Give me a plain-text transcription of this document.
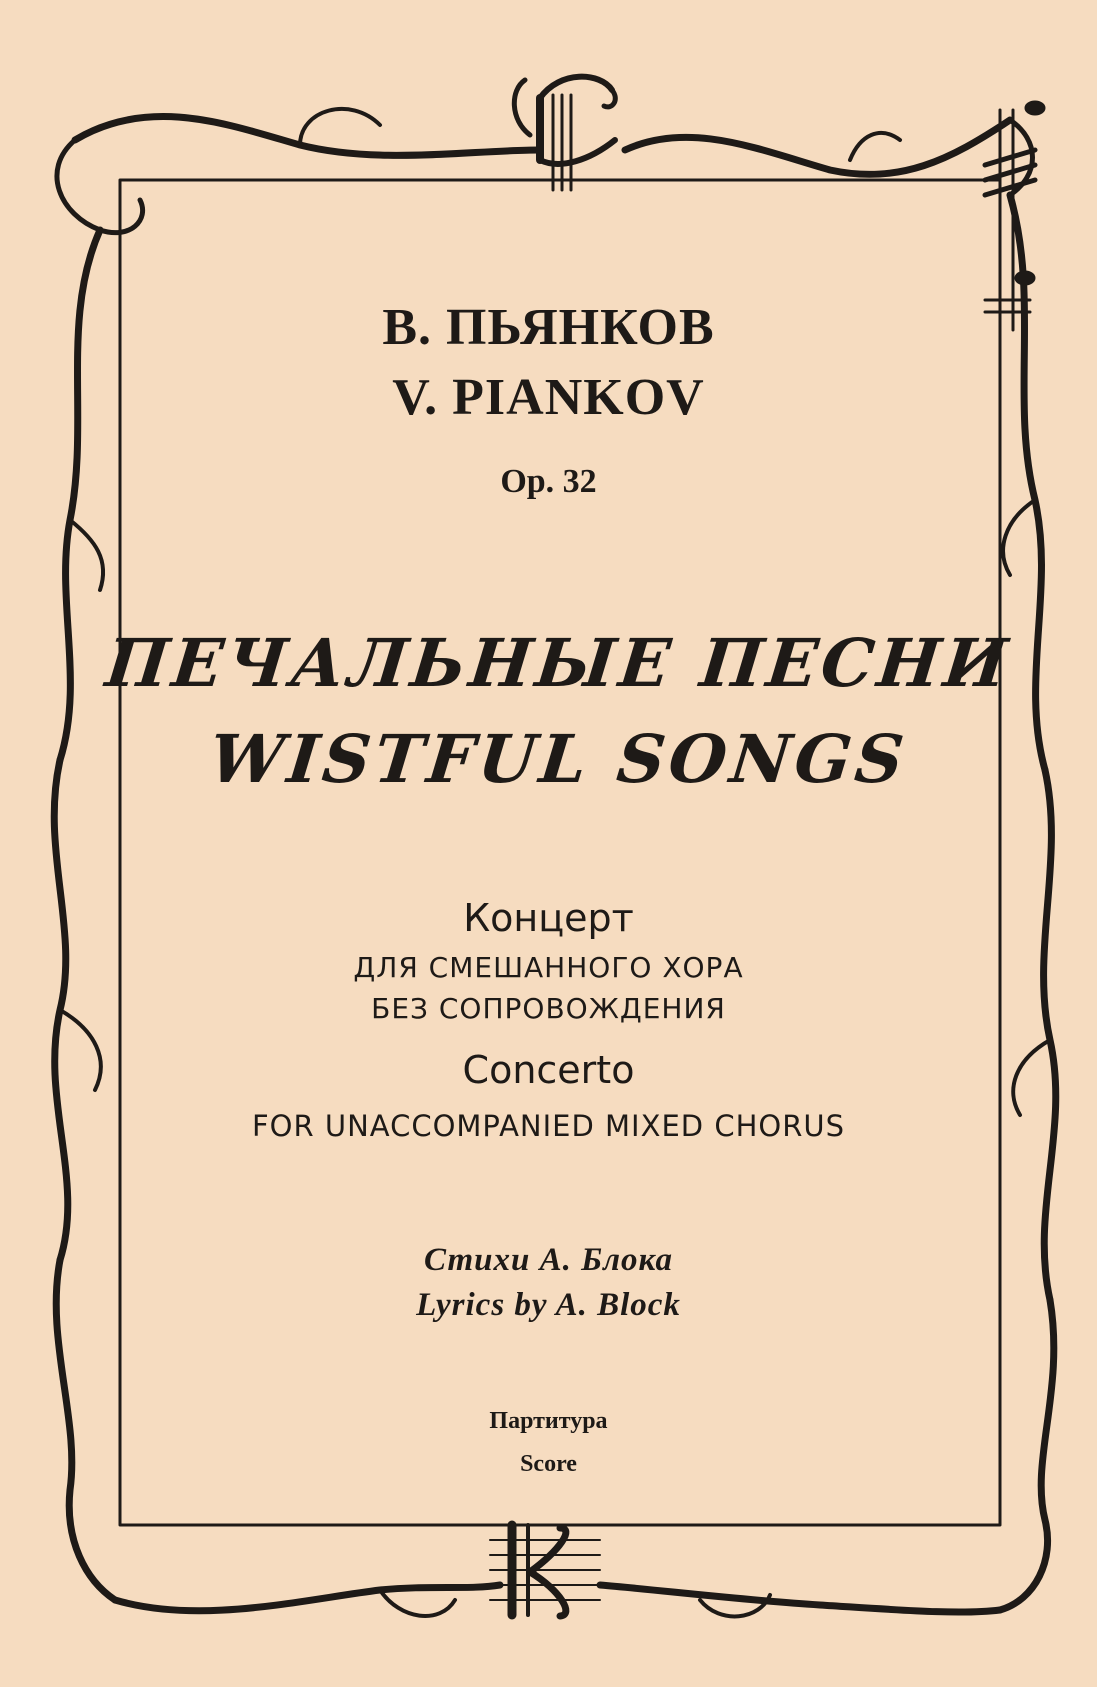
В. ПЬЯНКОВ
V. PIANKOV
Op. 32
ПЕЧАЛЬНЫЕ ПЕСНИ
WISTFUL SONGS
Концерт
ДЛЯ СМЕШАННОГО ХОРА
БЕЗ СОПРОВОЖДЕНИЯ
Concerto
FOR UNACCOMPANIED MIXED CHORUS
Стихи А. Блока
Lyrics by A. Block
Партитура
Score
